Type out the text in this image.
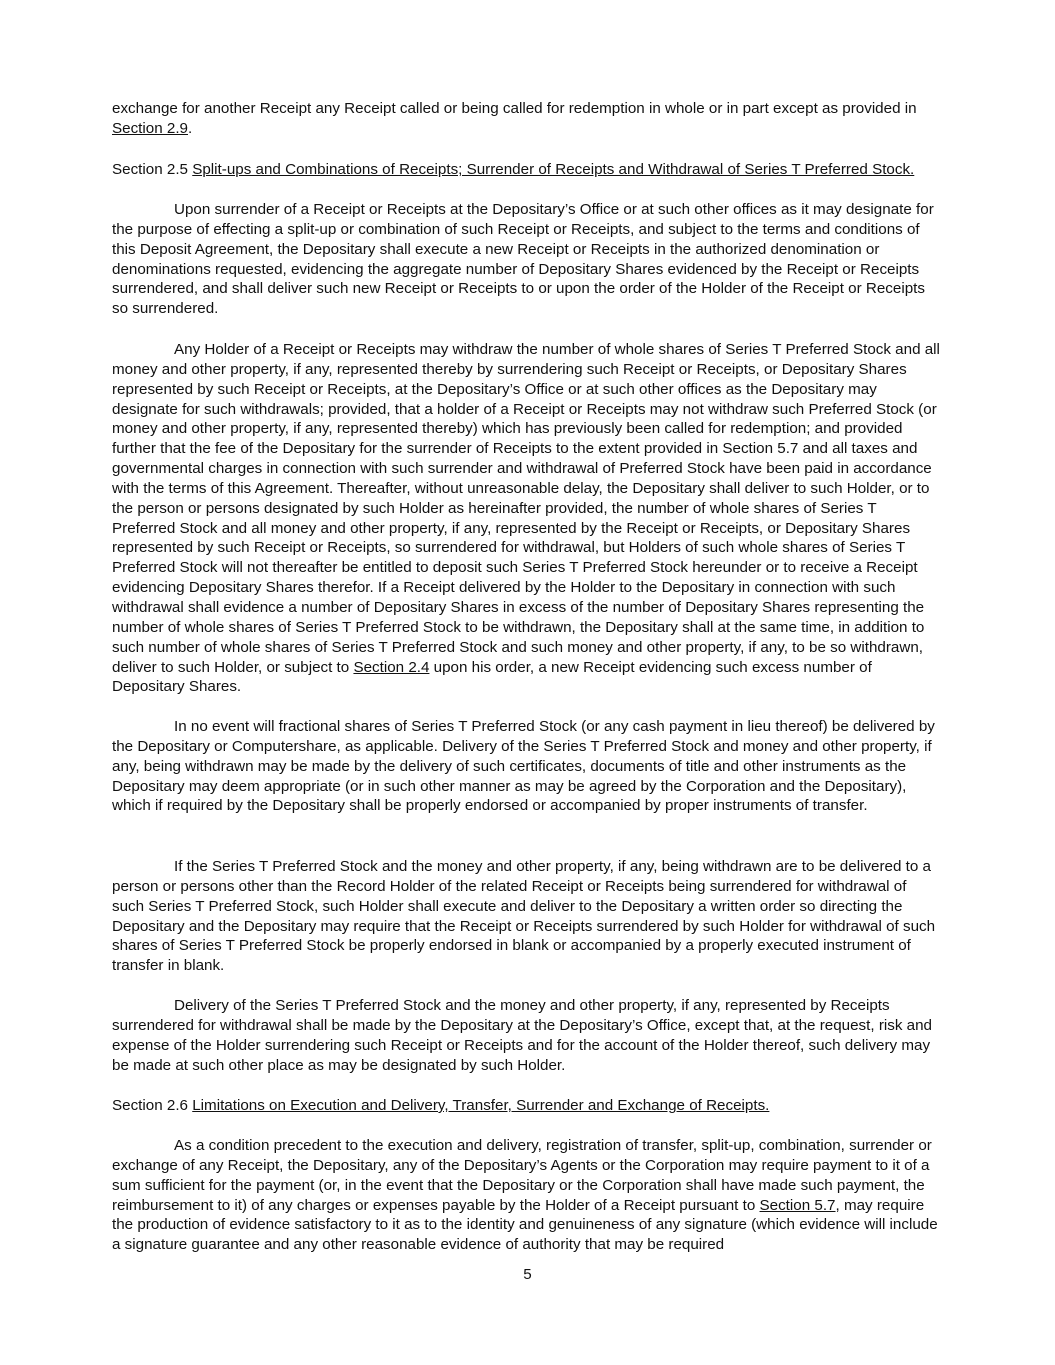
exchange for another Receipt any Receipt called or being called for redemption in whole or in part except as provided in Section 2.9.

Section 2.5 Split-ups and Combinations of Receipts; Surrender of Receipts and Withdrawal of Series T Preferred Stock.

Upon surrender of a Receipt or Receipts at the Depositary’s Office or at such other offices as it may designate for the purpose of effecting a split-up or combination of such Receipt or Receipts, and subject to the terms and conditions of this Deposit Agreement, the Depositary shall execute a new Receipt or Receipts in the authorized denomination or denominations requested, evidencing the aggregate number of Depositary Shares evidenced by the Receipt or Receipts surrendered, and shall deliver such new Receipt or Receipts to or upon the order of the Holder of the Receipt or Receipts so surrendered.

Any Holder of a Receipt or Receipts may withdraw the number of whole shares of Series T Preferred Stock and all money and other property, if any, represented thereby by surrendering such Receipt or Receipts, or Depositary Shares represented by such Receipt or Receipts, at the Depositary’s Office or at such other offices as the Depositary may designate for such withdrawals; provided, that a holder of a Receipt or Receipts may not withdraw such Preferred Stock (or money and other property, if any, represented thereby) which has previously been called for redemption; and provided further that the fee of the Depositary for the surrender of Receipts to the extent provided in Section 5.7 and all taxes and governmental charges in connection with such surrender and withdrawal of Preferred Stock have been paid in accordance with the terms of this Agreement. Thereafter, without unreasonable delay, the Depositary shall deliver to such Holder, or to the person or persons designated by such Holder as hereinafter provided, the number of whole shares of Series T Preferred Stock and all money and other property, if any, represented by the Receipt or Receipts, or Depositary Shares represented by such Receipt or Receipts, so surrendered for withdrawal, but Holders of such whole shares of Series T Preferred Stock will not thereafter be entitled to deposit such Series T Preferred Stock hereunder or to receive a Receipt evidencing Depositary Shares therefor. If a Receipt delivered by the Holder to the Depositary in connection with such withdrawal shall evidence a number of Depositary Shares in excess of the number of Depositary Shares representing the number of whole shares of Series T Preferred Stock to be withdrawn, the Depositary shall at the same time, in addition to such number of whole shares of Series T Preferred Stock and such money and other property, if any, to be so withdrawn, deliver to such Holder, or subject to Section 2.4 upon his order, a new Receipt evidencing such excess number of Depositary Shares.

In no event will fractional shares of Series T Preferred Stock (or any cash payment in lieu thereof) be delivered by the Depositary or Computershare, as applicable. Delivery of the Series T Preferred Stock and money and other property, if any, being withdrawn may be made by the delivery of such certificates, documents of title and other instruments as the Depositary may deem appropriate (or in such other manner as may be agreed by the Corporation and the Depositary), which if required by the Depositary shall be properly endorsed or accompanied by proper instruments of transfer.

If the Series T Preferred Stock and the money and other property, if any, being withdrawn are to be delivered to a person or persons other than the Record Holder of the related Receipt or Receipts being surrendered for withdrawal of such Series T Preferred Stock, such Holder shall execute and deliver to the Depositary a written order so directing the Depositary and the Depositary may require that the Receipt or Receipts surrendered by such Holder for withdrawal of such shares of Series T Preferred Stock be properly endorsed in blank or accompanied by a properly executed instrument of transfer in blank.

Delivery of the Series T Preferred Stock and the money and other property, if any, represented by Receipts surrendered for withdrawal shall be made by the Depositary at the Depositary’s Office, except that, at the request, risk and expense of the Holder surrendering such Receipt or Receipts and for the account of the Holder thereof, such delivery may be made at such other place as may be designated by such Holder.

Section 2.6 Limitations on Execution and Delivery, Transfer, Surrender and Exchange of Receipts.

As a condition precedent to the execution and delivery, registration of transfer, split-up, combination, surrender or exchange of any Receipt, the Depositary, any of the Depositary’s Agents or the Corporation may require payment to it of a sum sufficient for the payment (or, in the event that the Depositary or the Corporation shall have made such payment, the reimbursement to it) of any charges or expenses payable by the Holder of a Receipt pursuant to Section 5.7, may require the production of evidence satisfactory to it as to the identity and genuineness of any signature (which evidence will include a signature guarantee and any other reasonable evidence of authority that may be required

5
